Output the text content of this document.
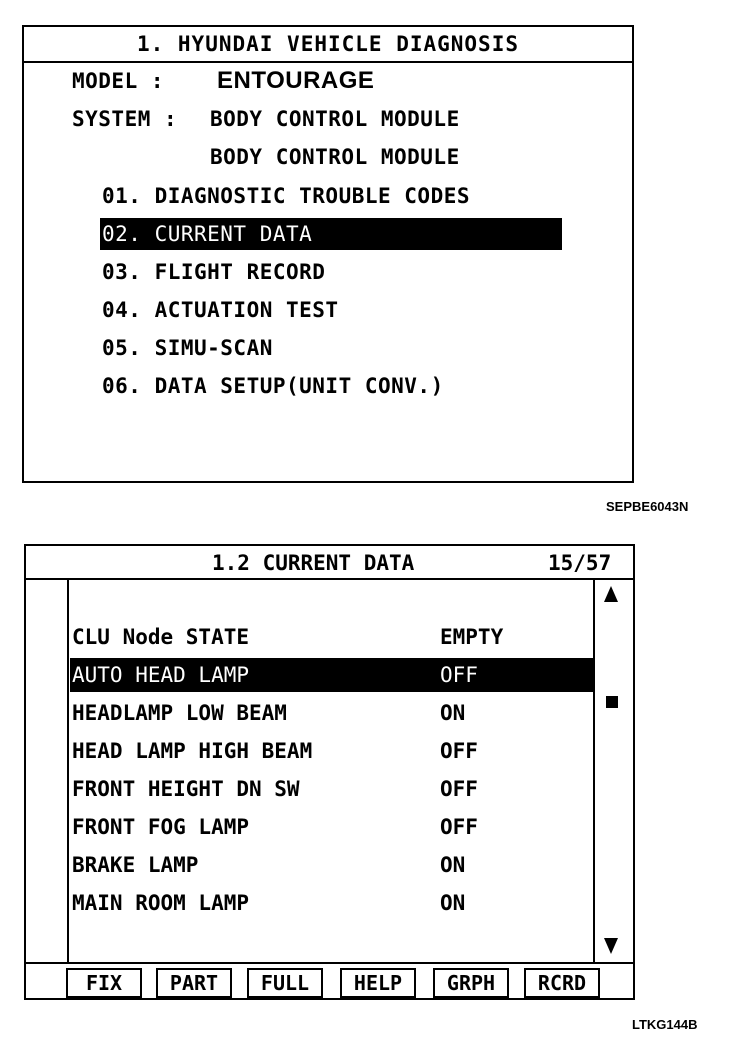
1. HYUNDAI VEHICLE DIAGNOSIS
MODEL : ENTOURAGE
SYSTEM : BODY CONTROL MODULE
BODY CONTROL MODULE
01. DIAGNOSTIC TROUBLE CODES
02. CURRENT DATA
03. FLIGHT RECORD
04. ACTUATION TEST
05. SIMU-SCAN
06. DATA SETUP(UNIT CONV.)
SEPBE6043N
1.2 CURRENT DATA	15/57
CLU Node STATE	EMPTY
AUTO HEAD LAMP	OFF
HEADLAMP LOW BEAM	ON
HEAD LAMP HIGH BEAM	OFF
FRONT HEIGHT DN SW	OFF
FRONT FOG LAMP	OFF
BRAKE LAMP	ON
MAIN ROOM LAMP	ON
FIX	PART	FULL	HELP	GRPH	RCRD
LTKG144B
